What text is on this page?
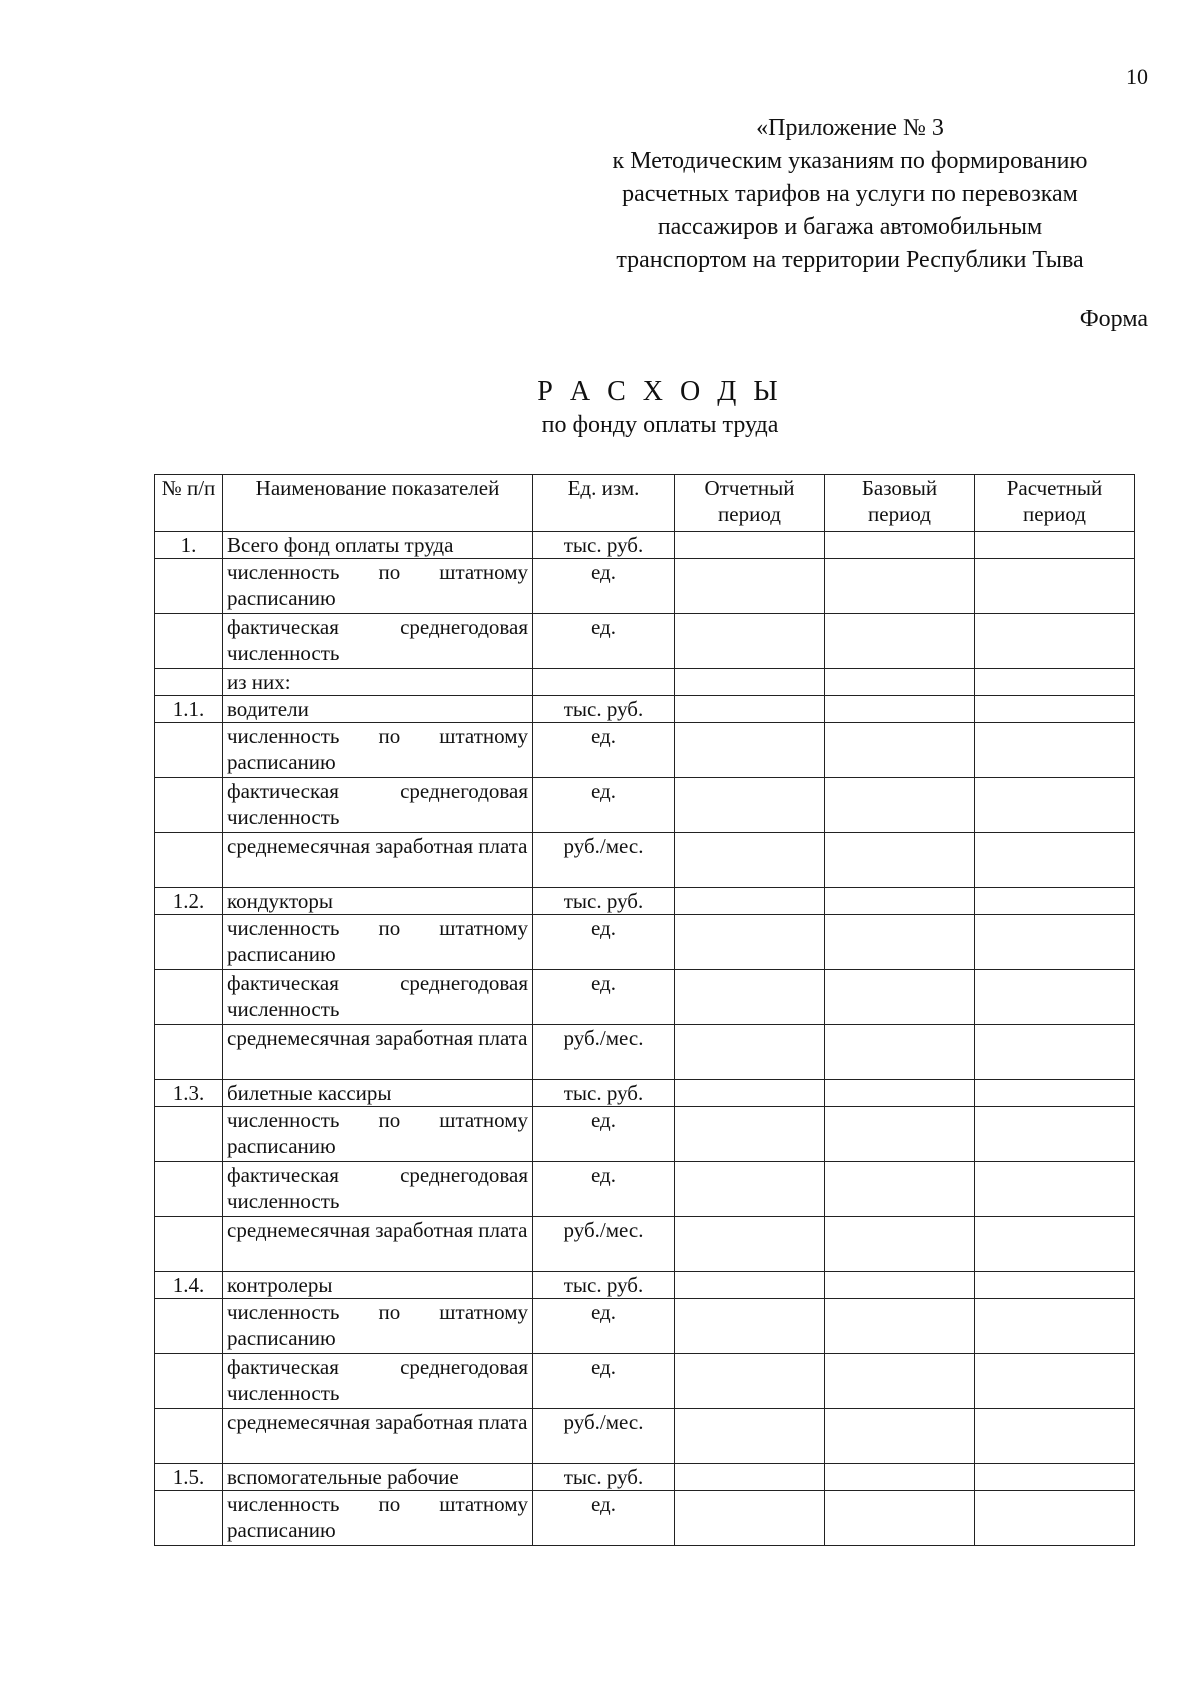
10
«Приложение № 3
к Методическим указаниям по формированию
расчетных тарифов на услуги по перевозкам
пассажиров и багажа автомобильным
транспортом на территории Республики Тыва
Форма
Р А С Х О Д Ы
по фонду оплаты труда
№ п/п	Наименование показателей	Ед. изм.	Отчетный период	Базовый период	Расчетный период
1.	Всего фонд оплаты труда	тыс. руб.			
	численность по штатному расписанию	ед.			
	фактическая среднегодовая численность	ед.			
	из них:				
1.1.	водители	тыс. руб.			
	численность по штатному расписанию	ед.			
	фактическая среднегодовая численность	ед.			
	среднемесячная заработная плата	руб./мес.			
1.2.	кондукторы	тыс. руб.			
	численность по штатному расписанию	ед.			
	фактическая среднегодовая численность	ед.			
	среднемесячная заработная плата	руб./мес.			
1.3.	билетные кассиры	тыс. руб.			
	численность по штатному расписанию	ед.			
	фактическая среднегодовая численность	ед.			
	среднемесячная заработная плата	руб./мес.			
1.4.	контролеры	тыс. руб.			
	численность по штатному расписанию	ед.			
	фактическая среднегодовая численность	ед.			
	среднемесячная заработная плата	руб./мес.			
1.5.	вспомогательные рабочие	тыс. руб.			
	численность по штатному расписанию	ед.			
